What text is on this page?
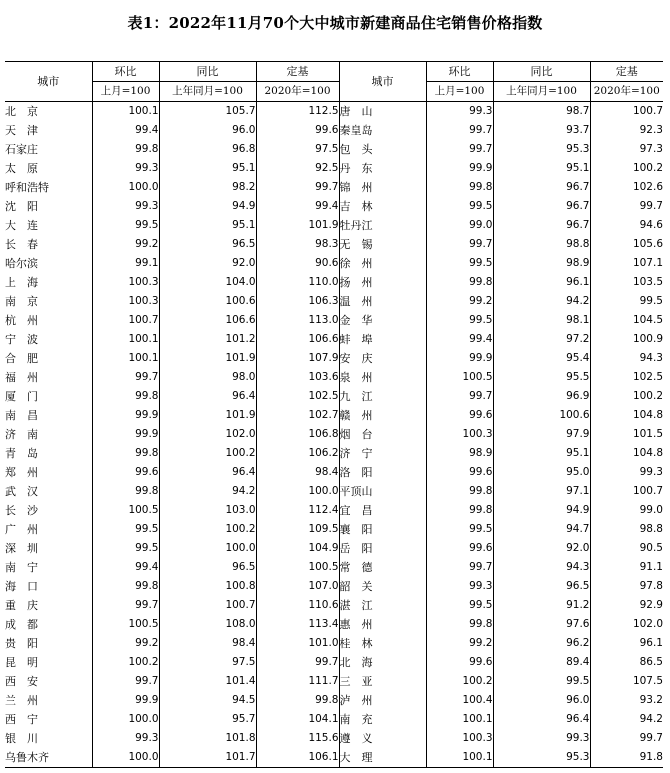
表1：2022年11月70个大中城市新建商品住宅销售价格指数
城市	环比	同比	定基	城市	环比	同比	定基
	上月=100	上年同月=100	2020年=100		上月=100	上年同月=100	2020年=100
北　京	100.1	105.7	112.5	唐　山	99.3	98.7	100.7
天　津	99.4	96.0	99.6	秦皇岛	99.7	93.7	92.3
石家庄	99.8	96.8	97.5	包　头	99.7	95.3	97.3
太　原	99.3	95.1	92.5	丹　东	99.9	95.1	100.2
呼和浩特	100.0	98.2	99.7	锦　州	99.8	96.7	102.6
沈　阳	99.3	94.9	99.4	吉　林	99.5	96.7	99.7
大　连	99.5	95.1	101.9	牡丹江	99.0	96.7	94.6
长　春	99.2	96.5	98.3	无　锡	99.7	98.8	105.6
哈尔滨	99.1	92.0	90.6	徐　州	99.5	98.9	107.1
上　海	100.3	104.0	110.0	扬　州	99.8	96.1	103.5
南　京	100.3	100.6	106.3	温　州	99.2	94.2	99.5
杭　州	100.7	106.6	113.0	金　华	99.5	98.1	104.5
宁　波	100.1	101.2	106.6	蚌　埠	99.4	97.2	100.9
合　肥	100.1	101.9	107.9	安　庆	99.9	95.4	94.3
福　州	99.7	98.0	103.6	泉　州	100.5	95.5	102.5
厦　门	99.8	96.4	102.5	九　江	99.7	96.9	100.2
南　昌	99.9	101.9	102.7	赣　州	99.6	100.6	104.8
济　南	99.9	102.0	106.8	烟　台	100.3	97.9	101.5
青　岛	99.8	100.2	106.2	济　宁	98.9	95.1	104.8
郑　州	99.6	96.4	98.4	洛　阳	99.6	95.0	99.3
武　汉	99.8	94.2	100.0	平顶山	99.8	97.1	100.7
长　沙	100.5	103.0	112.4	宜　昌	99.8	94.9	99.0
广　州	99.5	100.2	109.5	襄　阳	99.5	94.7	98.8
深　圳	99.5	100.0	104.9	岳　阳	99.6	92.0	90.5
南　宁	99.4	96.5	100.5	常　德	99.7	94.3	91.1
海　口	99.8	100.8	107.0	韶　关	99.3	96.5	97.8
重　庆	99.7	100.7	110.6	湛　江	99.5	91.2	92.9
成　都	100.5	108.0	113.4	惠　州	99.8	97.6	102.0
贵　阳	99.2	98.4	101.0	桂　林	99.2	96.2	96.1
昆　明	100.2	97.5	99.7	北　海	99.6	89.4	86.5
西　安	99.7	101.4	111.7	三　亚	100.2	99.5	107.5
兰　州	99.9	94.5	99.8	泸　州	100.4	96.0	93.2
西　宁	100.0	95.7	104.1	南　充	100.1	96.4	94.2
银　川	99.3	101.8	115.6	遵　义	100.3	99.3	99.7
乌鲁木齐	100.0	101.7	106.1	大　理	100.1	95.3	91.8
